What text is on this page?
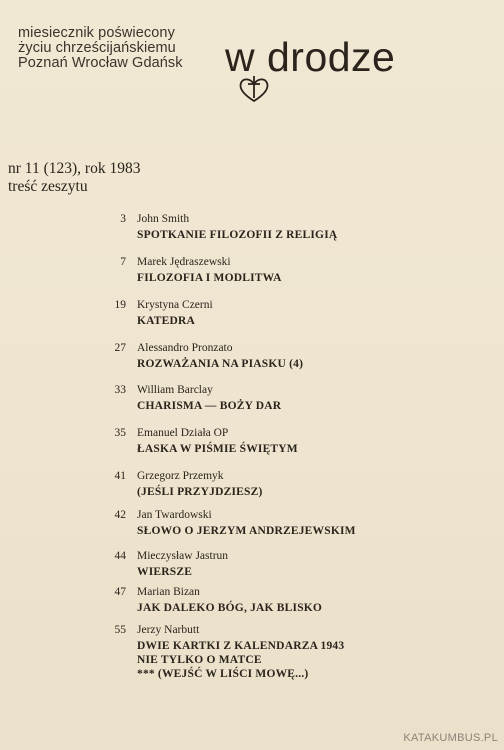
miesiecznik poświecony
życiu chrześcijańskiemu
Poznań Wrocław Gdańsk w drodze
nr 11 (123), rok 1983
treść zeszytu
3 John Smith
SPOTKANIE FILOZOFII Z RELIGIĄ
7 Marek Jędraszewski
FILOZOFIA I MODLITWA
19 Krystyna Czerni
KATEDRA
27 Alessandro Pronzato
ROZWAŻANIA NA PIASKU (4)
33 William Barclay
CHARISMA — BOŻY DAR
35 Emanuel Działa OP
ŁASKA W PIŚMIE ŚWIĘTYM
41 Grzegorz Przemyk
(JEŚLI PRZYJDZIESZ)
42 Jan Twardowski
SŁOWO O JERZYM ANDRZEJEWSKIM
44 Mieczysław Jastrun
WIERSZE
47 Marian Bizan
JAK DALEKO BÓG, JAK BLISKO
55 Jerzy Narbutt
DWIE KARTKI Z KALENDARZA 1943
NIE TYLKO O MATCE
*** (WEJŚĆ W LIŚCI MOWĘ...)
KATAKUMBUS.PL
